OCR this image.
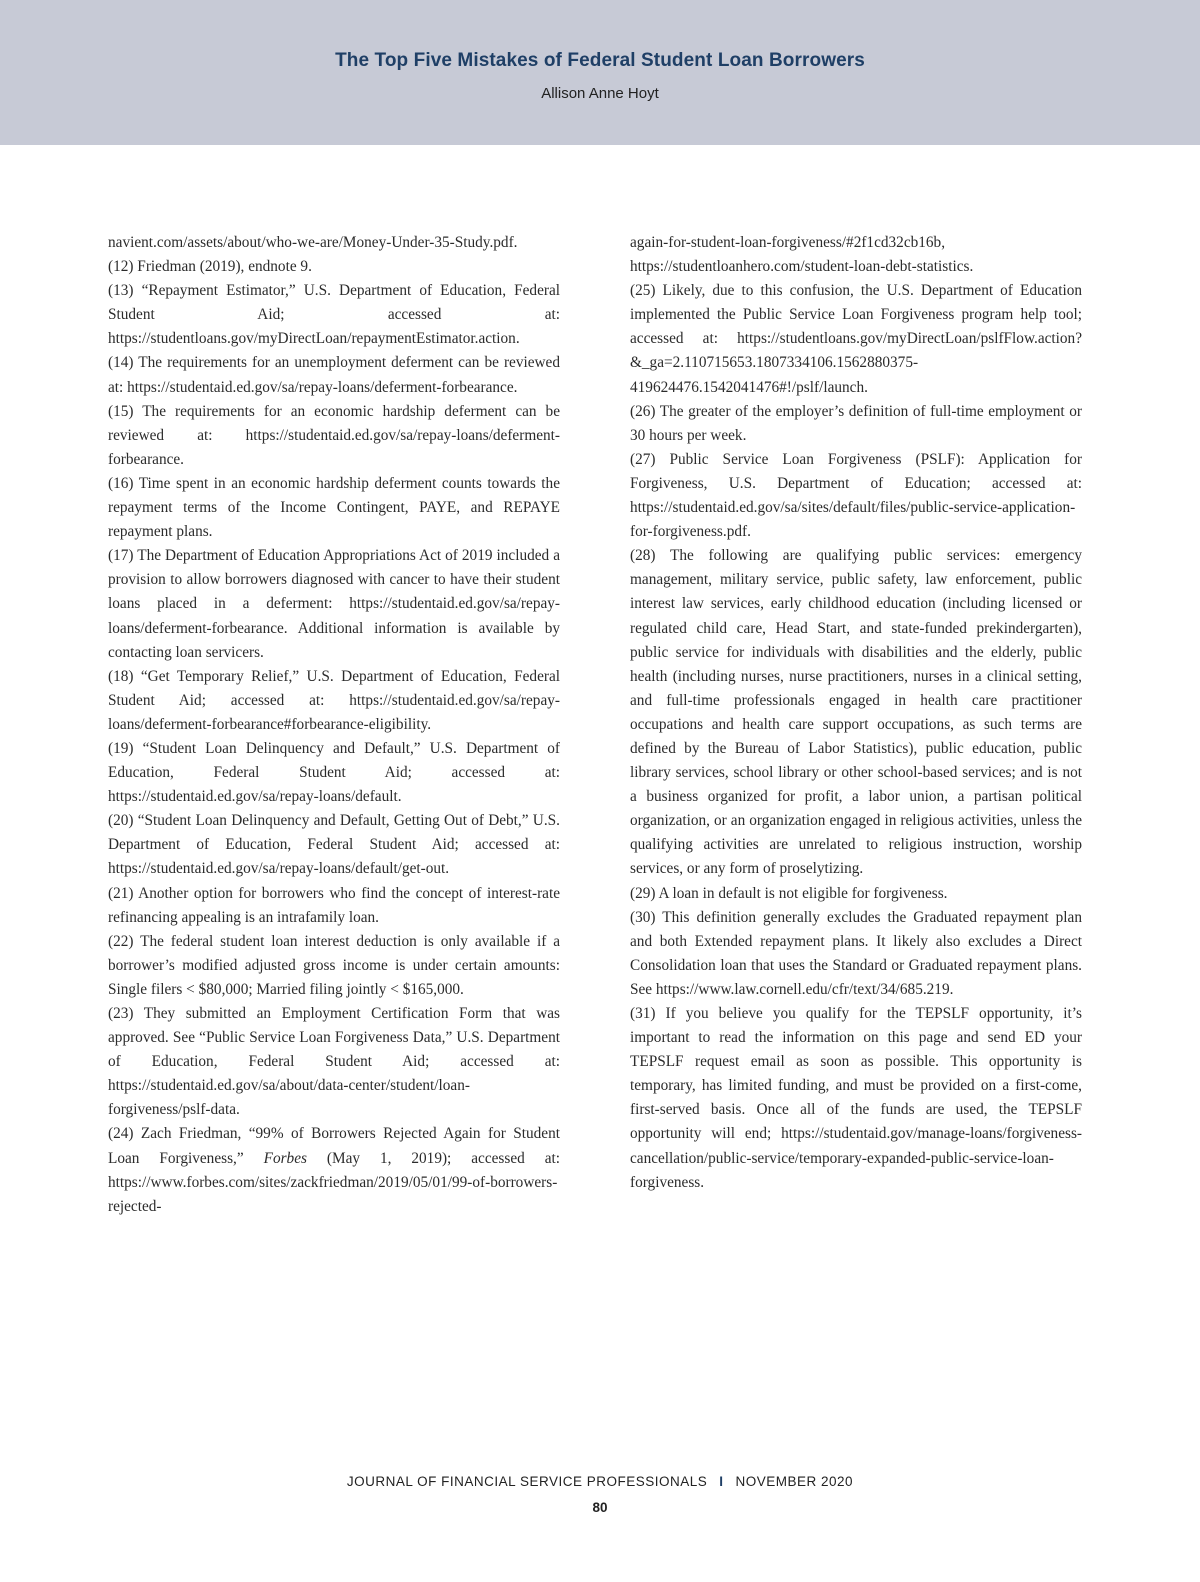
The Top Five Mistakes of Federal Student Loan Borrowers
Allison Anne Hoyt

navient.com/assets/about/who-we-are/Money-Under-35-Study.pdf.

(12) Friedman (2019), endnote 9.

(13) “Repayment Estimator,” U.S. Department of Education, Federal Student Aid; accessed at: https://studentloans.gov/myDirectLoan/repaymentEstimator.action.

(14) The requirements for an unemployment deferment can be reviewed at: https://studentaid.ed.gov/sa/repay-loans/deferment-forbearance.

(15) The requirements for an economic hardship deferment can be reviewed at: https://studentaid.ed.gov/sa/repay-loans/deferment-forbearance.

(16) Time spent in an economic hardship deferment counts towards the repayment terms of the Income Contingent, PAYE, and REPAYE repayment plans.

(17) The Department of Education Appropriations Act of 2019 included a provision to allow borrowers diagnosed with cancer to have their student loans placed in a deferment: https://studentaid.ed.gov/sa/repay-loans/deferment-forbearance. Additional information is available by contacting loan servicers.

(18) “Get Temporary Relief,” U.S. Department of Education, Federal Student Aid; accessed at: https://studentaid.ed.gov/sa/repay-loans/deferment-forbearance#forbearance-eligibility.

(19) “Student Loan Delinquency and Default,” U.S. Department of Education, Federal Student Aid; accessed at: https://studentaid.ed.gov/sa/repay-loans/default.

(20) “Student Loan Delinquency and Default, Getting Out of Debt,” U.S. Department of Education, Federal Student Aid; accessed at: https://studentaid.ed.gov/sa/repay-loans/default/get-out.

(21) Another option for borrowers who find the concept of interest-rate refinancing appealing is an intrafamily loan.

(22) The federal student loan interest deduction is only available if a borrower’s modified adjusted gross income is under certain amounts: Single filers < $80,000; Married filing jointly < $165,000.

(23) They submitted an Employment Certification Form that was approved. See “Public Service Loan Forgiveness Data,” U.S. Department of Education, Federal Student Aid; accessed at: https://studentaid.ed.gov/sa/about/data-center/student/loan-forgiveness/pslf-data.

(24) Zach Friedman, “99% of Borrowers Rejected Again for Student Loan Forgiveness,” Forbes (May 1, 2019); accessed at: https://www.forbes.com/sites/zackfriedman/2019/05/01/99-of-borrowers-rejected-

again-for-student-loan-forgiveness/#2f1cd32cb16b, https://studentloanhero.com/student-loan-debt-statistics.

(25) Likely, due to this confusion, the U.S. Department of Education implemented the Public Service Loan Forgiveness program help tool; accessed at: https://studentloans.gov/myDirectLoan/pslfFlow.action?&_ga=2.110715653.1807334106.1562880375-419624476.1542041476#!/pslf/launch.

(26) The greater of the employer’s definition of full-time employment or 30 hours per week.

(27) Public Service Loan Forgiveness (PSLF): Application for Forgiveness, U.S. Department of Education; accessed at: https://studentaid.ed.gov/sa/sites/default/files/public-service-application-for-forgiveness.pdf.

(28) The following are qualifying public services: emergency management, military service, public safety, law enforcement, public interest law services, early childhood education (including licensed or regulated child care, Head Start, and state-funded prekindergarten), public service for individuals with disabilities and the elderly, public health (including nurses, nurse practitioners, nurses in a clinical setting, and full-time professionals engaged in health care practitioner occupations and health care support occupations, as such terms are defined by the Bureau of Labor Statistics), public education, public library services, school library or other school-based services; and is not a business organized for profit, a labor union, a partisan political organization, or an organization engaged in religious activities, unless the qualifying activities are unrelated to religious instruction, worship services, or any form of proselytizing.

(29) A loan in default is not eligible for forgiveness.

(30) This definition generally excludes the Graduated repayment plan and both Extended repayment plans. It likely also excludes a Direct Consolidation loan that uses the Standard or Graduated repayment plans. See https://www.law.cornell.edu/cfr/text/34/685.219.

(31) If you believe you qualify for the TEPSLF opportunity, it’s important to read the information on this page and send ED your TEPSLF request email as soon as possible. This opportunity is temporary, has limited funding, and must be provided on a first-come, first-served basis. Once all of the funds are used, the TEPSLF opportunity will end; https://studentaid.gov/manage-loans/forgiveness-cancellation/public-service/temporary-expanded-public-service-loan-forgiveness.

JOURNAL OF FINANCIAL SERVICE PROFESSIONALS I NOVEMBER 2020
80
